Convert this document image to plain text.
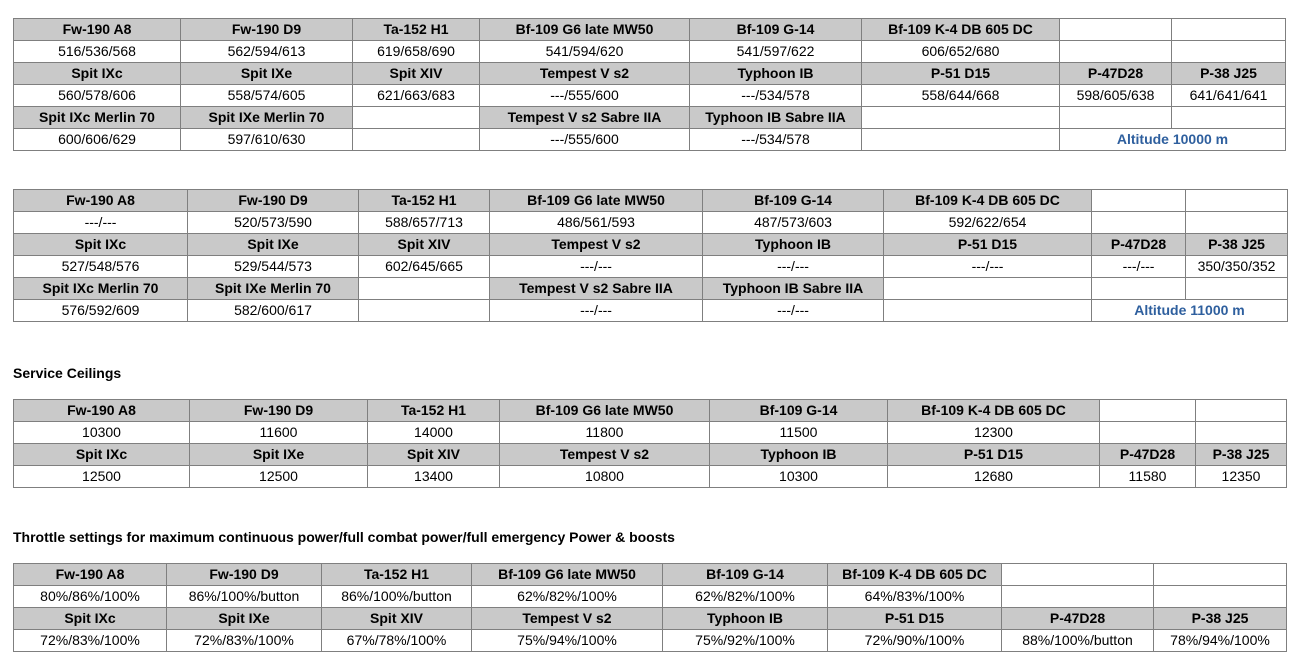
Fw-190 A8	Fw-190 D9	Ta-152 H1	Bf-109 G6 late MW50	Bf-109 G-14	Bf-109 K-4 DB 605 DC		
516/536/568	562/594/613	619/658/690	541/594/620	541/597/622	606/652/680		
Spit IXc	Spit IXe	Spit XIV	Tempest V s2	Typhoon IB	P-51 D15	P-47D28	P-38 J25
560/578/606	558/574/605	621/663/683	---/555/600	---/534/578	558/644/668	598/605/638	641/641/641
Spit IXc Merlin 70	Spit IXe Merlin 70		Tempest V s2 Sabre IIA	Typhoon IB Sabre IIA			
600/606/629	597/610/630		---/555/600	---/534/578		Altitude 10000 m	
Fw-190 A8	Fw-190 D9	Ta-152 H1	Bf-109 G6 late MW50	Bf-109 G-14	Bf-109 K-4 DB 605 DC		
---/---	520/573/590	588/657/713	486/561/593	487/573/603	592/622/654		
Spit IXc	Spit IXe	Spit XIV	Tempest V s2	Typhoon IB	P-51 D15	P-47D28	P-38 J25
527/548/576	529/544/573	602/645/665	---/---	---/---	---/---	---/---	350/350/352
Spit IXc Merlin 70	Spit IXe Merlin 70		Tempest V s2 Sabre IIA	Typhoon IB Sabre IIA			
576/592/609	582/600/617		---/---	---/---		Altitude 11000 m	
Service Ceilings
Fw-190 A8	Fw-190 D9	Ta-152 H1	Bf-109 G6 late MW50	Bf-109 G-14	Bf-109 K-4 DB 605 DC		
10300	11600	14000	11800	11500	12300		
Spit IXc	Spit IXe	Spit XIV	Tempest V s2	Typhoon IB	P-51 D15	P-47D28	P-38 J25
12500	12500	13400	10800	10300	12680	11580	12350
Throttle settings for maximum continuous power/full combat power/full emergency Power & boosts
Fw-190 A8	Fw-190 D9	Ta-152 H1	Bf-109 G6 late MW50	Bf-109 G-14	Bf-109 K-4 DB 605 DC		
80%/86%/100%	86%/100%/button	86%/100%/button	62%/82%/100%	62%/82%/100%	64%/83%/100%		
Spit IXc	Spit IXe	Spit XIV	Tempest V s2	Typhoon IB	P-51 D15	P-47D28	P-38 J25
72%/83%/100%	72%/83%/100%	67%/78%/100%	75%/94%/100%	75%/92%/100%	72%/90%/100%	88%/100%/button	78%/94%/100%
